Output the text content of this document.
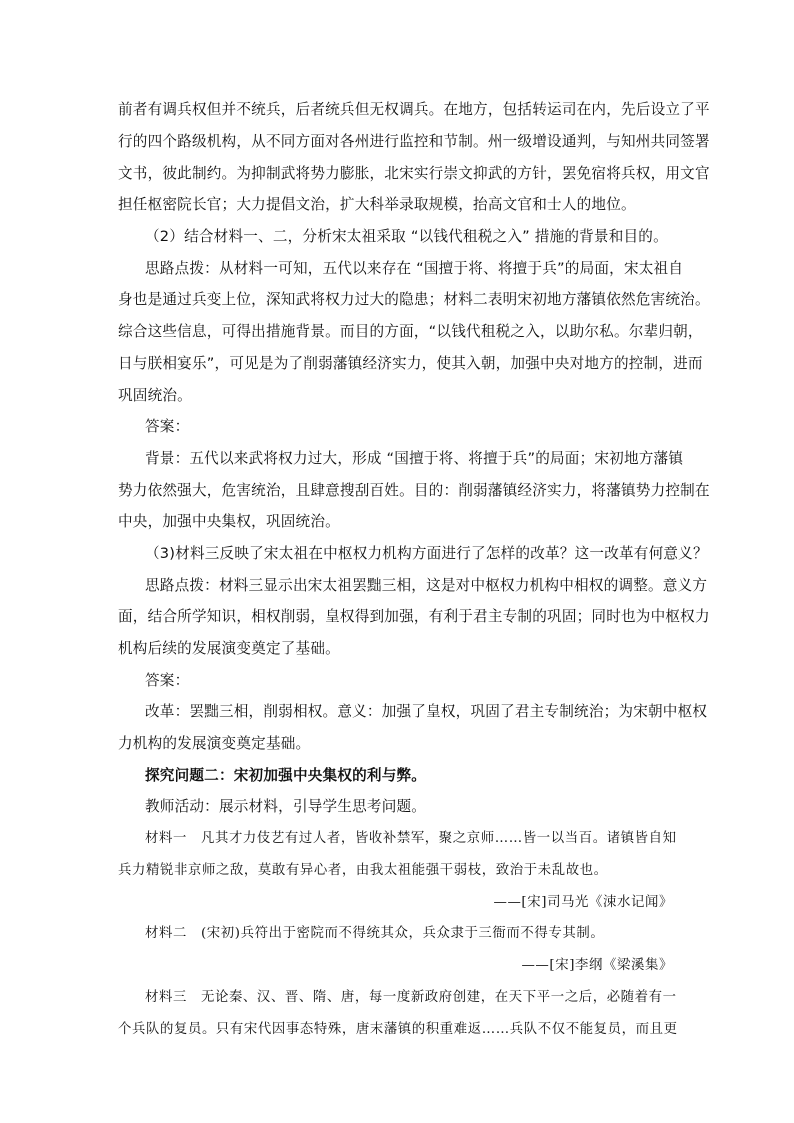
前者有调兵权但并不统兵，后者统兵但无权调兵。在地方，包括转运司在内，先后设立了平
行的四个路级机构，从不同方面对各州进行监控和节制。州一级增设通判，与知州共同签署
文书，彼此制约。为抑制武将势力膨胀，北宋实行崇文抑武的方针，罢免宿将兵权，用文官
担任枢密院长官；大力提倡文治，扩大科举录取规模，抬高文官和士人的地位。
（2）结合材料一、二，分析宋太祖采取 “以钱代租税之入” 措施的背景和目的。
思路点拨：从材料一可知，五代以来存在 “国擅于将、将擅于兵”的局面，宋太祖自
身也是通过兵变上位，深知武将权力过大的隐患；材料二表明宋初地方藩镇依然危害统治。
综合这些信息，可得出措施背景。而目的方面，“以钱代租税之入，以助尔私。尔辈归朝，
日与朕相宴乐”，可见是为了削弱藩镇经济实力，使其入朝，加强中央对地方的控制，进而
巩固统治。
答案：
背景：五代以来武将权力过大，形成 “国擅于将、将擅于兵”的局面；宋初地方藩镇
势力依然强大，危害统治，且肆意搜刮百姓。目的：削弱藩镇经济实力，将藩镇势力控制在
中央，加强中央集权，巩固统治。
（3)材料三反映了宋太祖在中枢权力机构方面进行了怎样的改革？这一改革有何意义？
思路点拨：材料三显示出宋太祖罢黜三相，这是对中枢权力机构中相权的调整。意义方
面，结合所学知识，相权削弱，皇权得到加强，有利于君主专制的巩固；同时也为中枢权力
机构后续的发展演变奠定了基础。
答案：
改革：罢黜三相，削弱相权。意义：加强了皇权，巩固了君主专制统治；为宋朝中枢权
力机构的发展演变奠定基础。
探究问题二：宋初加强中央集权的利与弊。
教师活动：展示材料，引导学生思考问题。
材料一　凡其才力伎艺有过人者，皆收补禁军，聚之京师……皆一以当百。诸镇皆自知
兵力精锐非京师之敌，莫敢有异心者，由我太祖能强干弱枝，致治于未乱故也。
——[宋]司马光《涑水记闻》
材料二　(宋初)兵符出于密院而不得统其众，兵众隶于三衙而不得专其制。
——[宋]李纲《梁溪集》
材料三　无论秦、汉、晋、隋、唐，每一度新政府创建，在天下平一之后，必随着有一
个兵队的复员。只有宋代因事态特殊，唐末藩镇的积重难返……兵队不仅不能复员，而且更
